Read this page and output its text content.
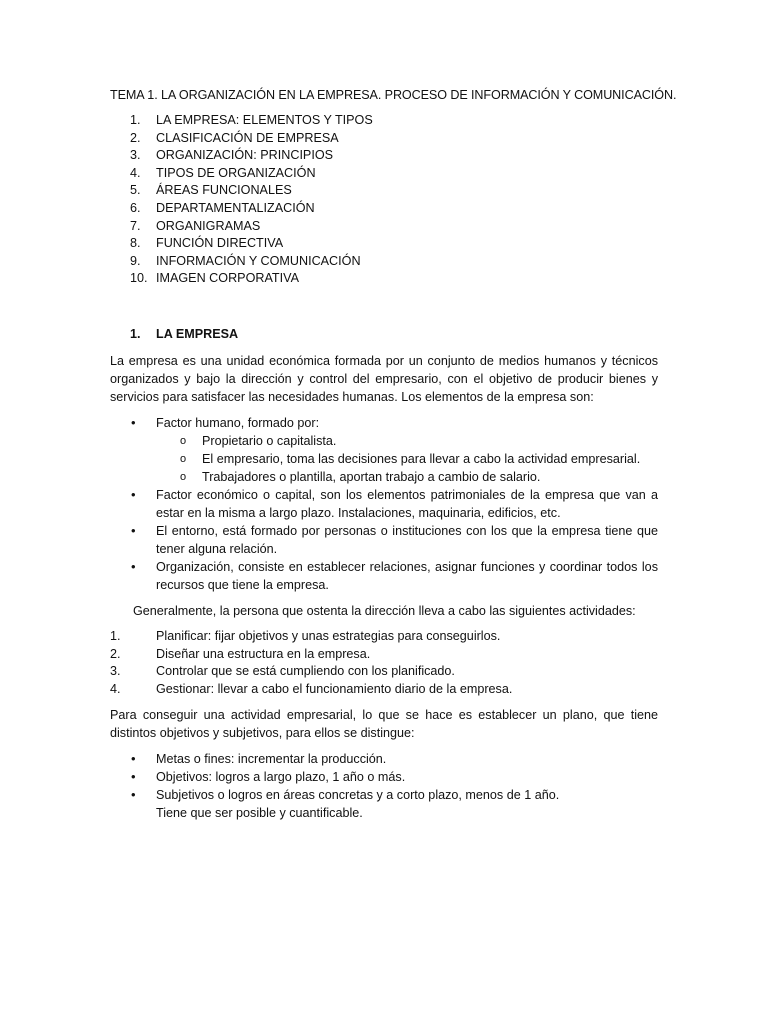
TEMA 1. LA ORGANIZACIÓN EN LA EMPRESA. PROCESO DE INFORMACIÓN Y COMUNICACIÓN.
1.	LA EMPRESA: ELEMENTOS Y TIPOS
2.	CLASIFICACIÓN DE EMPRESA
3.	ORGANIZACIÓN: PRINCIPIOS
4.	TIPOS DE ORGANIZACIÓN
5.	ÁREAS FUNCIONALES
6.	DEPARTAMENTALIZACIÓN
7.	ORGANIGRAMAS
8.	FUNCIÓN DIRECTIVA
9.	INFORMACIÓN Y COMUNICACIÓN
10. IMAGEN CORPORATIVA
1.	LA EMPRESA

La empresa es una unidad económica formada por un conjunto de medios humanos y técnicos organizados y bajo la dirección y control del empresario, con el objetivo de producir bienes y servicios para satisfacer las necesidades humanas. Los elementos de la empresa son:

• Factor humano, formado por:
o Propietario o capitalista.
o El empresario, toma las decisiones para llevar a cabo la actividad empresarial.
o Trabajadores o plantilla, aportan trabajo a cambio de salario.
• Factor económico o capital, son los elementos patrimoniales de la empresa que van a estar en la misma a largo plazo. Instalaciones, maquinaria, edificios, etc.
• El entorno, está formado por personas o instituciones con los que la empresa tiene que tener alguna relación.
• Organización, consiste en establecer relaciones, asignar funciones y coordinar todos los recursos que tiene la empresa.

Generalmente, la persona que ostenta la dirección lleva a cabo las siguientes actividades:

1.	Planificar: fijar objetivos y unas estrategias para conseguirlos.
2.	Diseñar una estructura en la empresa.
3.	Controlar que se está cumpliendo con los planificado.
4.	Gestionar: llevar a cabo el funcionamiento diario de la empresa.

Para conseguir una actividad empresarial, lo que se hace es establecer un plano, que tiene distintos objetivos y subjetivos, para ellos se distingue:

• Metas o fines: incrementar la producción.
• Objetivos: logros a largo plazo, 1 año o más.
• Subjetivos o logros en áreas concretas y a corto plazo, menos de 1 año.
Tiene que ser posible y cuantificable.
